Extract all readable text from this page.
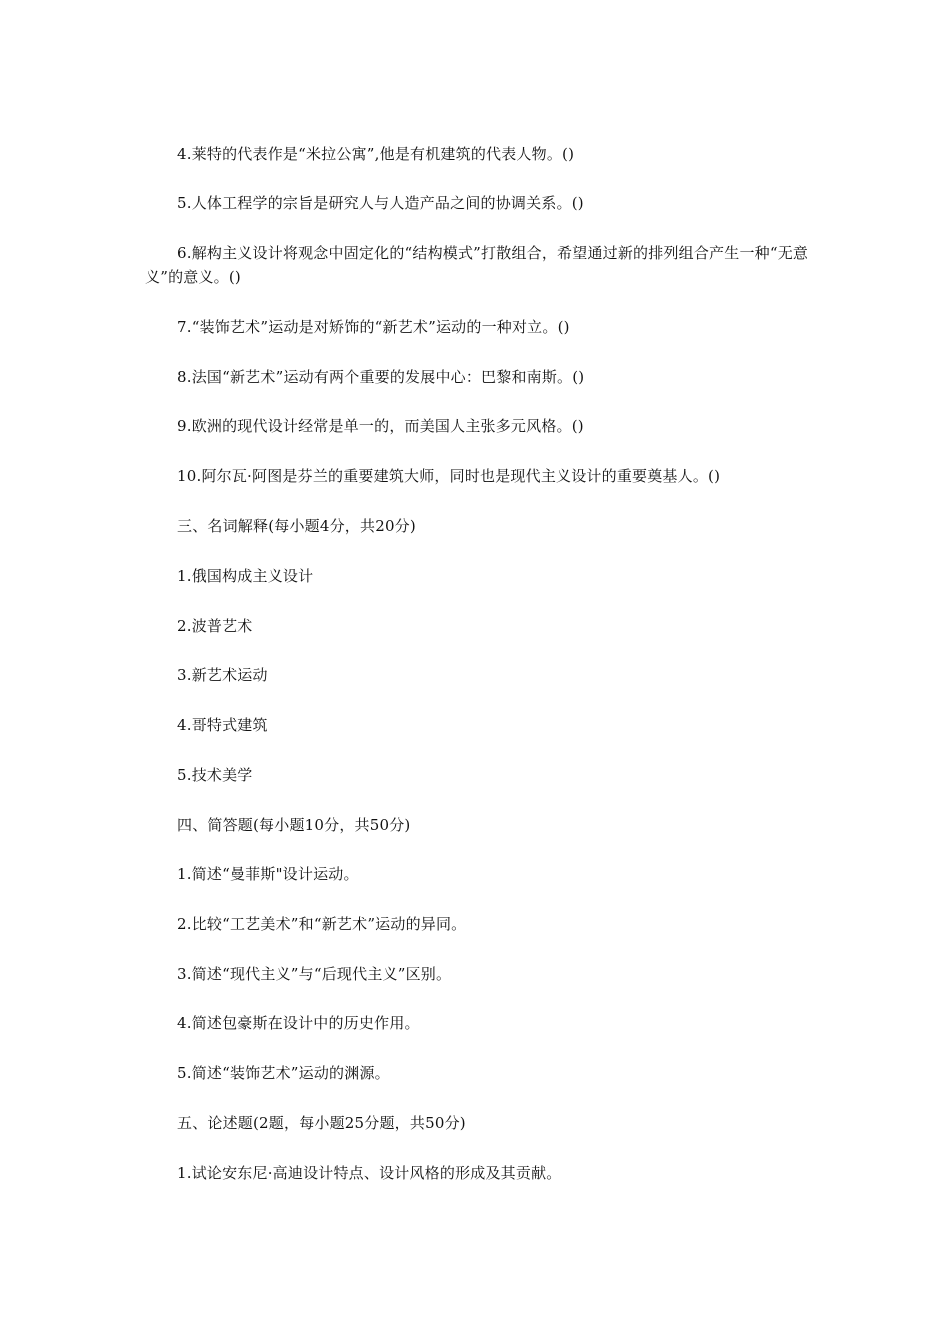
4.莱特的代表作是“米拉公寓”,他是有机建筑的代表人物。()
5.人体工程学的宗旨是研究人与人造产品之间的协调关系。()
6.解构主义设计将观念中固定化的“结构模式”打散组合，希望通过新的排列组合产生一种“无意义”的意义。()
7.“装饰艺术”运动是对矫饰的“新艺术”运动的一种对立。()
8.法国“新艺术”运动有两个重要的发展中心：巴黎和南斯。()
9.欧洲的现代设计经常是单一的，而美国人主张多元风格。()
10.阿尔瓦·阿图是芬兰的重要建筑大师，同时也是现代主义设计的重要奠基人。()
三、名词解释(每小题4分，共20分)
1.俄国构成主义设计
2.波普艺术
3.新艺术运动
4.哥特式建筑
5.技术美学
四、简答题(每小题10分，共50分)
1.简述“曼菲斯"设计运动。
2.比较“工艺美术”和“新艺术”运动的异同。
3.简述“现代主义”与“后现代主义”区别。
4.简述包豪斯在设计中的历史作用。
5.简述“装饰艺术”运动的渊源。
五、论述题(2题，每小题25分题，共50分)
1.试论安东尼·高迪设计特点、设计风格的形成及其贡献。
